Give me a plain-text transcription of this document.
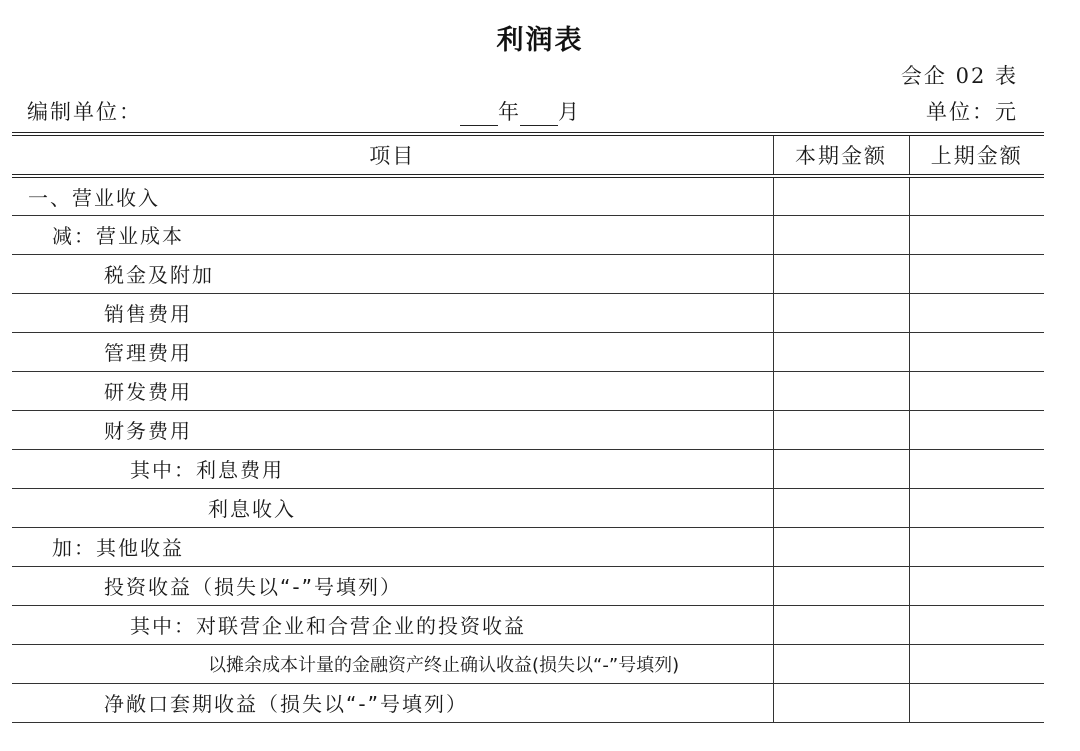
利润表
会企 02 表
编制单位：	年 月	单位：元
项目	本期金额	上期金额
一、营业收入		
减：营业成本		
税金及附加		
销售费用		
管理费用		
研发费用		
财务费用		
其中：利息费用		
利息收入		
加：其他收益		
投资收益（损失以“-”号填列）		
其中：对联营企业和合营企业的投资收益		
以摊余成本计量的金融资产终止确认收益(损失以“-”号填列)		
净敞口套期收益（损失以“-”号填列）		
